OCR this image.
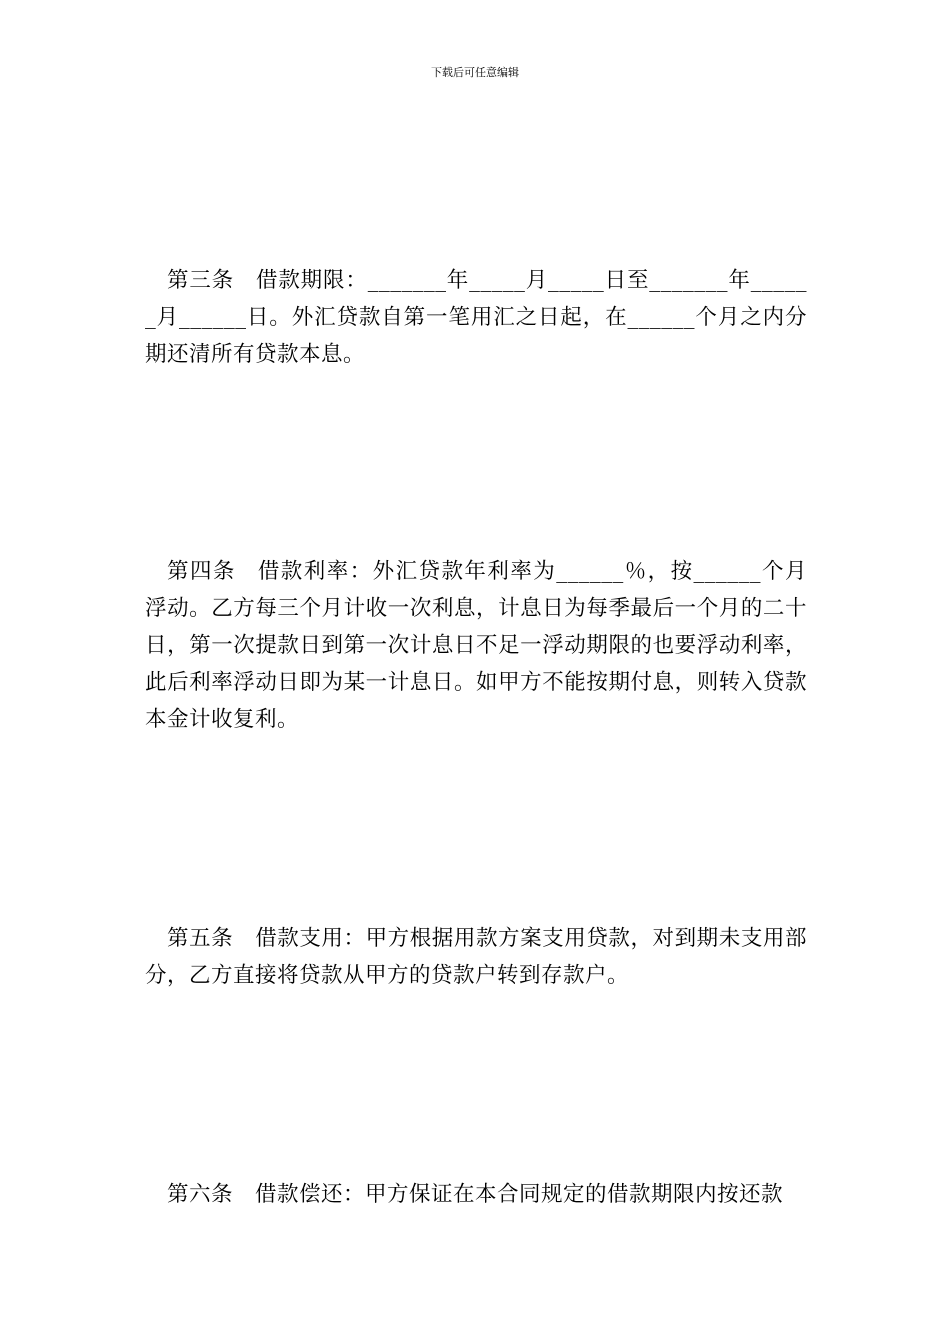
下载后可任意编辑

第三条 借款期限：_______年_____月_____日至_______年_____ _月______日。外汇贷款自第一笔用汇之日起，在______个月之内分期还清所有贷款本息。

第四条 借款利率：外汇贷款年利率为______％，按______个月浮动。乙方每三个月计收一次利息，计息日为每季最后一个月的二十日，第一次提款日到第一次计息日不足一浮动期限的也要浮动利率，此后利率浮动日即为某一计息日。如甲方不能按期付息，则转入贷款本金计收复利。

第五条 借款支用：甲方根据用款方案支用贷款，对到期未支用部分，乙方直接将贷款从甲方的贷款户转到存款户。

第六条 借款偿还：甲方保证在本合同规定的借款期限内按还款
